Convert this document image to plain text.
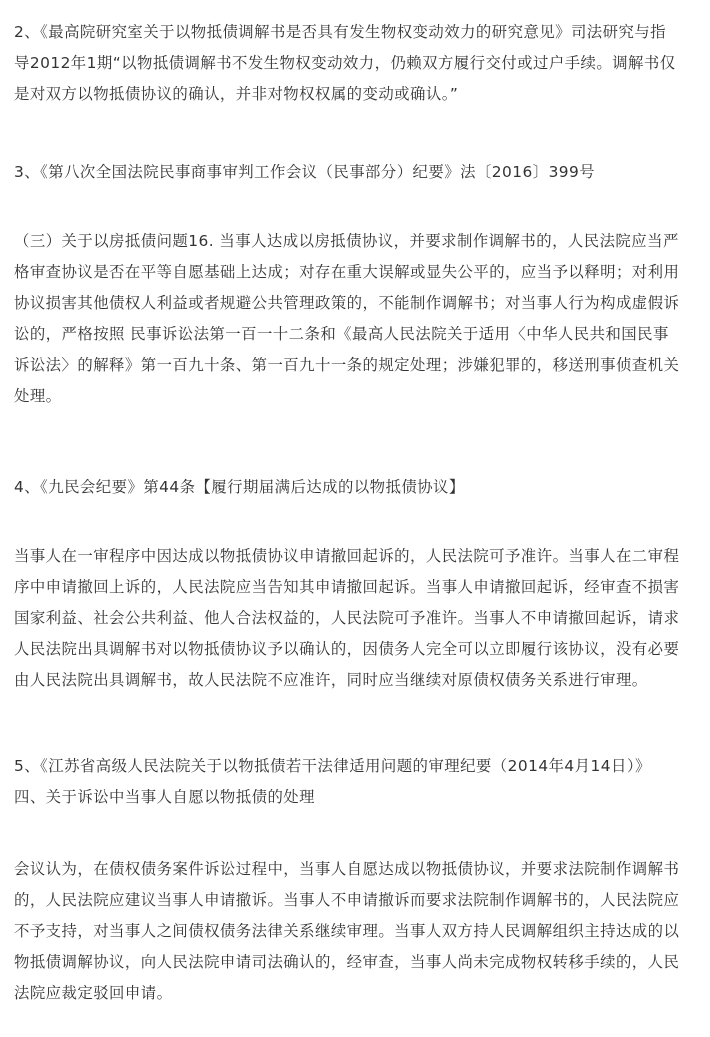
2、《最高院研究室关于以物抵债调解书是否具有发生物权变动效力的研究意见》司法研究与指
导2012年1期“以物抵债调解书不发生物权变动效力，仍赖双方履行交付或过户手续。调解书仅
是对双方以物抵债协议的确认，并非对物权权属的变动或确认。”

3、《第八次全国法院民事商事审判工作会议（民事部分）纪要》法〔2016〕399号

（三）关于以房抵债问题16. 当事人达成以房抵债协议，并要求制作调解书的，人民法院应当严
格审查协议是否在平等自愿基础上达成；对存在重大误解或显失公平的，应当予以释明；对利用
协议损害其他债权人利益或者规避公共管理政策的，不能制作调解书；对当事人行为构成虚假诉
讼的，严格按照 民事诉讼法第一百一十二条和《最高人民法院关于适用〈中华人民共和国民事
诉讼法〉的解释》第一百九十条、第一百九十一条的规定处理；涉嫌犯罪的，移送刑事侦查机关
处理。

4、《九民会纪要》第44条【履行期届满后达成的以物抵债协议】

当事人在一审程序中因达成以物抵债协议申请撤回起诉的，人民法院可予准许。当事人在二审程
序中申请撤回上诉的，人民法院应当告知其申请撤回起诉。当事人申请撤回起诉，经审查不损害
国家利益、社会公共利益、他人合法权益的，人民法院可予准许。当事人不申请撤回起诉，请求
人民法院出具调解书对以物抵债协议予以确认的，因债务人完全可以立即履行该协议，没有必要
由人民法院出具调解书，故人民法院不应准许，同时应当继续对原债权债务关系进行审理。

5、《江苏省高级人民法院关于以物抵债若干法律适用问题的审理纪要（2014年4月14日）》
四、关于诉讼中当事人自愿以物抵债的处理

会议认为，在债权债务案件诉讼过程中，当事人自愿达成以物抵债协议，并要求法院制作调解书
的，人民法院应建议当事人申请撤诉。当事人不申请撤诉而要求法院制作调解书的，人民法院应
不予支持，对当事人之间债权债务法律关系继续审理。当事人双方持人民调解组织主持达成的以
物抵债调解协议，向人民法院申请司法确认的，经审查，当事人尚未完成物权转移手续的，人民
法院应裁定驳回申请。
